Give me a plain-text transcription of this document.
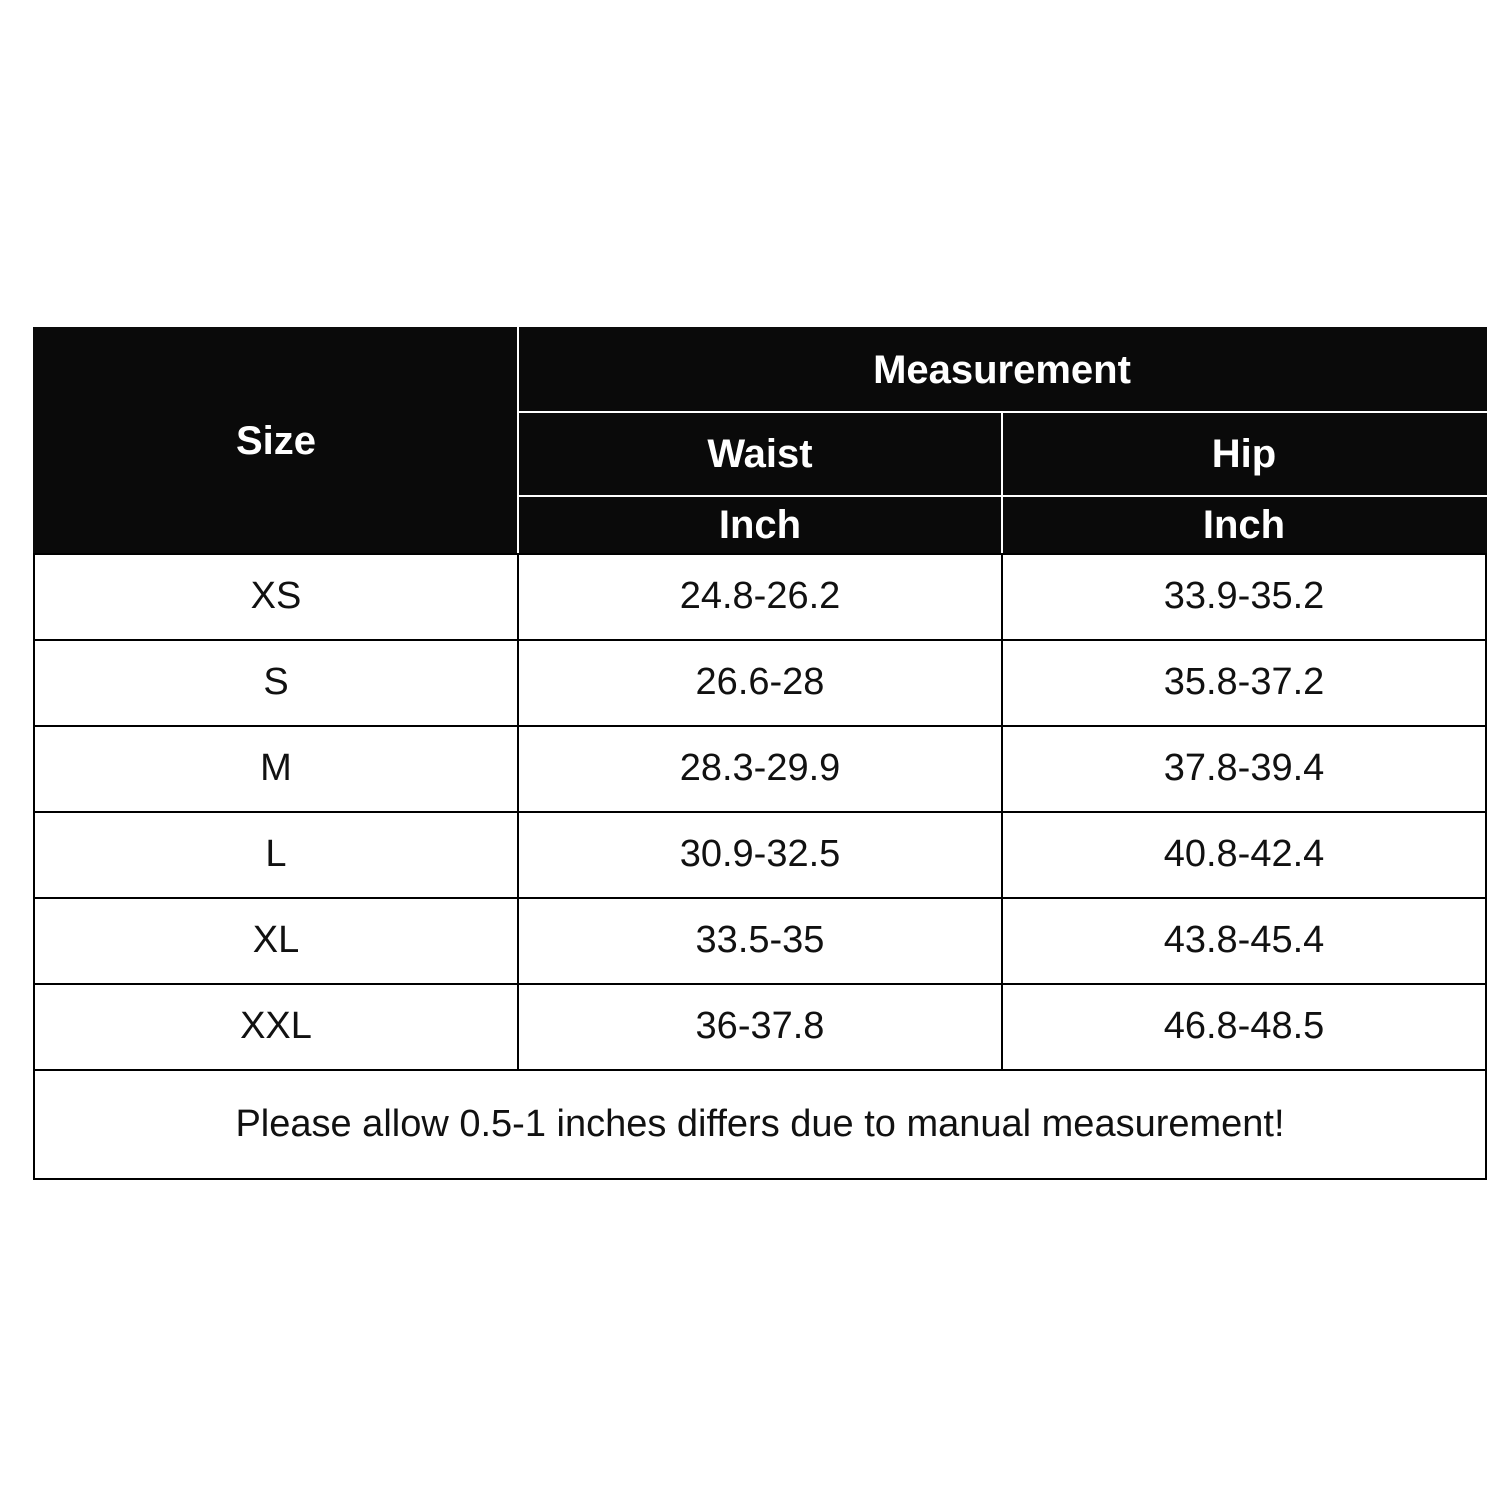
Size	Measurement	
	Waist	Hip
	Inch	Inch
XS	24.8-26.2	33.9-35.2
S	26.6-28	35.8-37.2
M	28.3-29.9	37.8-39.4
L	30.9-32.5	40.8-42.4
XL	33.5-35	43.8-45.4
XXL	36-37.8	46.8-48.5
Please allow 0.5-1 inches differs due to manual measurement!		
